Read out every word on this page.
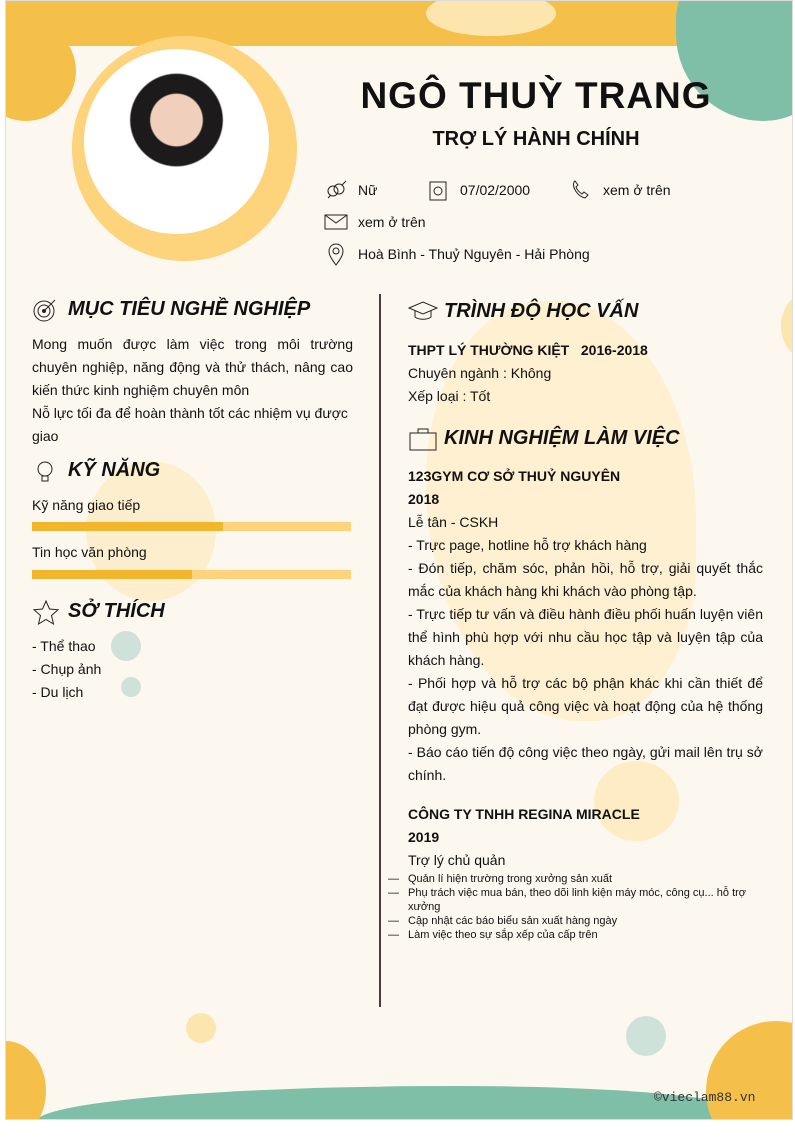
NGÔ THUỲ TRANG
TRỢ LÝ HÀNH CHÍNH
Nữ	07/02/2000	xem ở trên
xem ở trên
Hoà Bình - Thuỷ Nguyên - Hải Phòng
MỤC TIÊU NGHỀ NGHIỆP
Mong muốn được làm việc trong môi trường chuyên nghiệp, năng động và thử thách, nâng cao kiến thức kinh nghiệm chuyên môn
Nỗ lực tối đa để hoàn thành tốt các nhiệm vụ được giao
KỸ NĂNG
Kỹ năng giao tiếp
Tin học văn phòng
SỞ THÍCH
- Thể thao
- Chụp ảnh
- Du lịch
TRÌNH ĐỘ HỌC VẤN
THPT LÝ THƯỜNG KIỆT 2016-2018
Chuyên ngành : Không
Xếp loại : Tốt
KINH NGHIỆM LÀM VIỆC
123GYM CƠ SỞ THUỶ NGUYÊN
2018
Lễ tân - CSKH
- Trực page, hotline hỗ trợ khách hàng
- Đón tiếp, chăm sóc, phản hồi, hỗ trợ, giải quyết thắc mắc của khách hàng khi khách vào phòng tập.
- Trực tiếp tư vấn và điều hành điều phối huấn luyện viên thể hình phù hợp với nhu cầu học tập và luyện tập của khách hàng.
- Phối hợp và hỗ trợ các bộ phận khác khi cần thiết để đạt được hiệu quả công việc và hoạt động của hệ thống phòng gym.
- Báo cáo tiến độ công việc theo ngày, gửi mail lên trụ sở chính.
CÔNG TY TNHH REGINA MIRACLE
2019
Trợ lý chủ quản
— Quản lí hiện trường trong xưởng sản xuất
— Phụ trách việc mua bán, theo dõi linh kiện máy móc, công cụ... hỗ trợ xưởng
— Cập nhật các báo biểu sản xuất hàng ngày
— Làm việc theo sự sắp xếp của cấp trên
©vieclam88.vn
